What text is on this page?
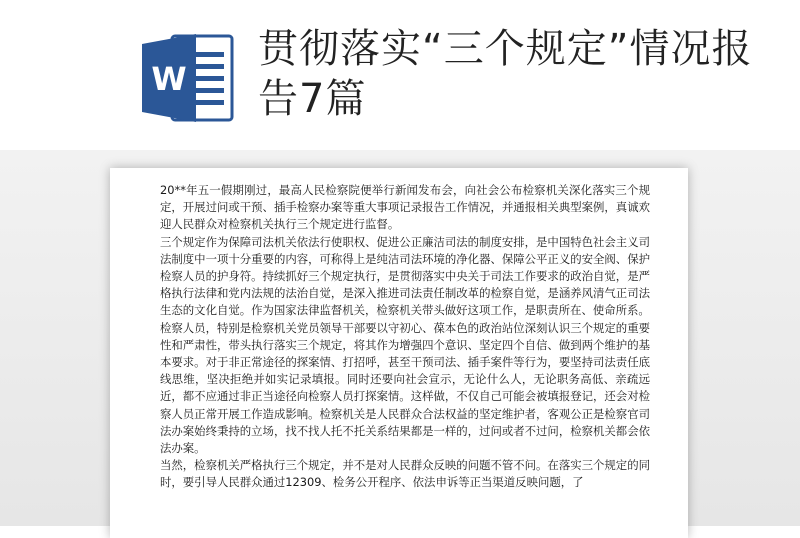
W
贯彻落实“三个规定”情况报告7篇

20**年五一假期刚过，最高人民检察院便举行新闻发布会，向社会公布检察机关深化落实三个规定，开展过问或干预、插手检察办案等重大事项记录报告工作情况，并通报相关典型案例，真诚欢迎人民群众对检察机关执行三个规定进行监督。

三个规定作为保障司法机关依法行使职权、促进公正廉洁司法的制度安排，是中国特色社会主义司法制度中一项十分重要的内容，可称得上是纯洁司法环境的净化器、保障公平正义的安全阀、保护检察人员的护身符。持续抓好三个规定执行，是贯彻落实中央关于司法工作要求的政治自觉，是严格执行法律和党内法规的法治自觉，是深入推进司法责任制改革的检察自觉，是涵养风清气正司法生态的文化自觉。作为国家法律监督机关，检察机关带头做好这项工作，是职责所在、使命所系。

检察人员，特别是检察机关党员领导干部要以守初心、葆本色的政治站位深刻认识三个规定的重要性和严肃性，带头执行落实三个规定，将其作为增强四个意识、坚定四个自信、做到两个维护的基本要求。对于非正常途径的探案情、打招呼，甚至干预司法、插手案件等行为，要坚持司法责任底线思维，坚决拒绝并如实记录填报。同时还要向社会宣示，无论什么人，无论职务高低、亲疏远近，都不应通过非正当途径向检察人员打探案情。这样做，不仅自己可能会被填报登记，还会对检察人员正常开展工作造成影响。检察机关是人民群众合法权益的坚定维护者，客观公正是检察官司法办案始终秉持的立场，找不找人托不托关系结果都是一样的，过问或者不过问，检察机关都会依法办案。

当然，检察机关严格执行三个规定，并不是对人民群众反映的问题不管不问。在落实三个规定的同时，要引导人民群众通过12309、检务公开程序、依法申诉等正当渠道反映问题，了
